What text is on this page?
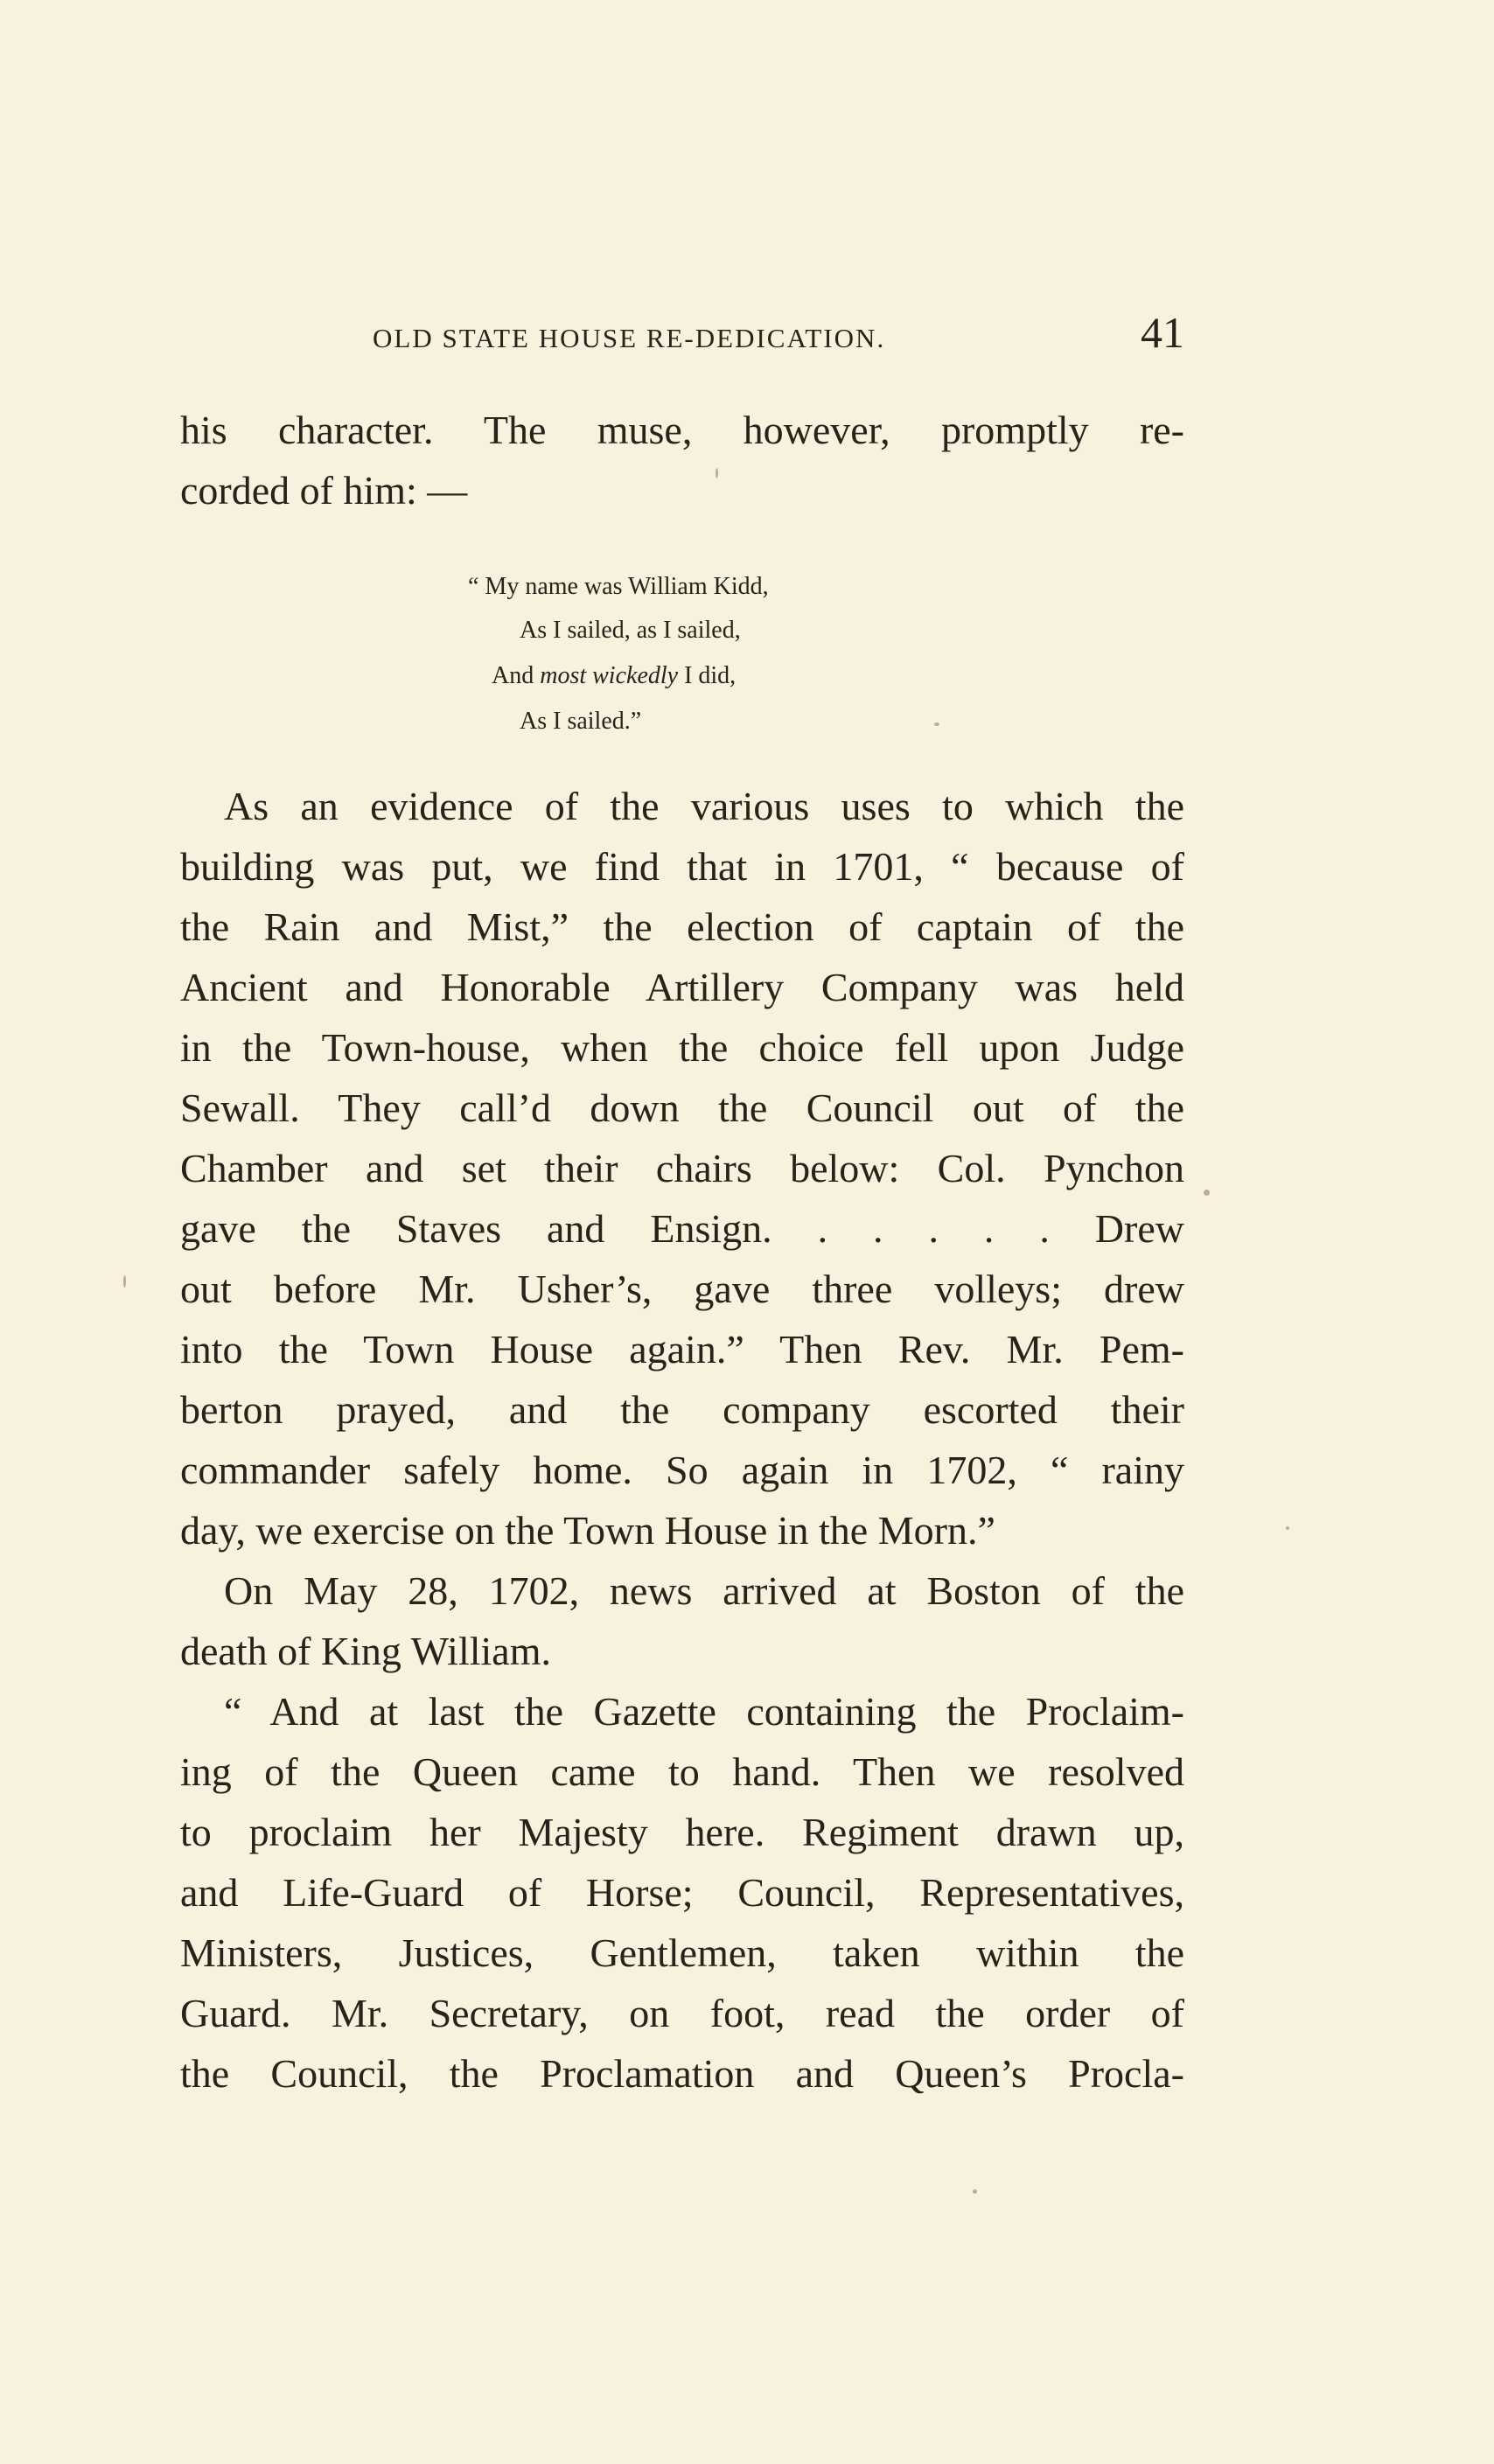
OLD STATE HOUSE RE-DEDICATION.	41
his character. The muse, however, promptly re-
corded of him: —
“ My name was William Kidd,
As I sailed, as I sailed,
And most wickedly I did,
As I sailed.”
As an evidence of the various uses to which the
building was put, we find that in 1701, “ because of
the Rain and Mist,” the election of captain of the
Ancient and Honorable Artillery Company was held
in the Town-house, when the choice fell upon Judge
Sewall. They call’d down the Council out of the
Chamber and set their chairs below: Col. Pynchon
gave the Staves and Ensign. . . . . . Drew
out before Mr. Usher’s, gave three volleys; drew
into the Town House again.” Then Rev. Mr. Pem-
berton prayed, and the company escorted their
commander safely home. So again in 1702, “ rainy
day, we exercise on the Town House in the Morn.”
On May 28, 1702, news arrived at Boston of the
death of King William.
“ And at last the Gazette containing the Proclaim-
ing of the Queen came to hand. Then we resolved
to proclaim her Majesty here. Regiment drawn up,
and Life-Guard of Horse; Council, Representatives,
Ministers, Justices, Gentlemen, taken within the
Guard. Mr. Secretary, on foot, read the order of
the Council, the Proclamation and Queen’s Procla-
